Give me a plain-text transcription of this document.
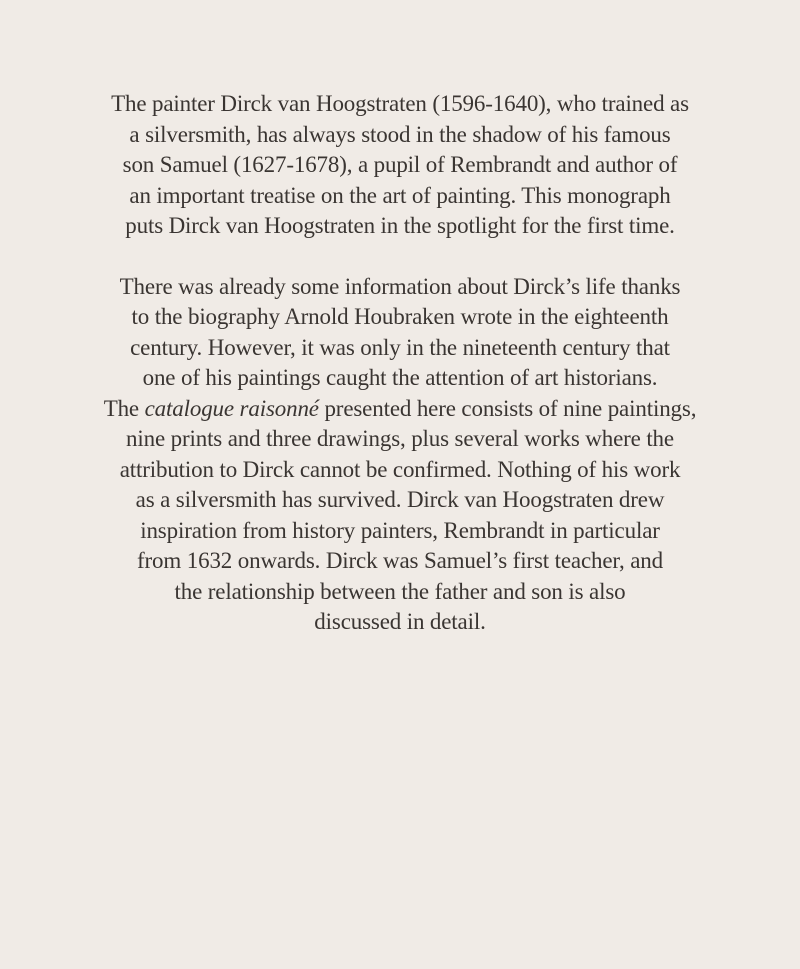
The painter Dirck van Hoogstraten (1596-1640), who trained as
a silversmith, has always stood in the shadow of his famous
son Samuel (1627-1678), a pupil of Rembrandt and author of
an important treatise on the art of painting. This monograph
puts Dirck van Hoogstraten in the spotlight for the first time.

There was already some information about Dirck’s life thanks
to the biography Arnold Houbraken wrote in the eighteenth
century. However, it was only in the nineteenth century that
one of his paintings caught the attention of art historians.
The catalogue raisonné presented here consists of nine paintings,
nine prints and three drawings, plus several works where the
attribution to Dirck cannot be confirmed. Nothing of his work
as a silversmith has survived. Dirck van Hoogstraten drew
inspiration from history painters, Rembrandt in particular
from 1632 onwards. Dirck was Samuel’s first teacher, and
the relationship between the father and son is also
discussed in detail.
